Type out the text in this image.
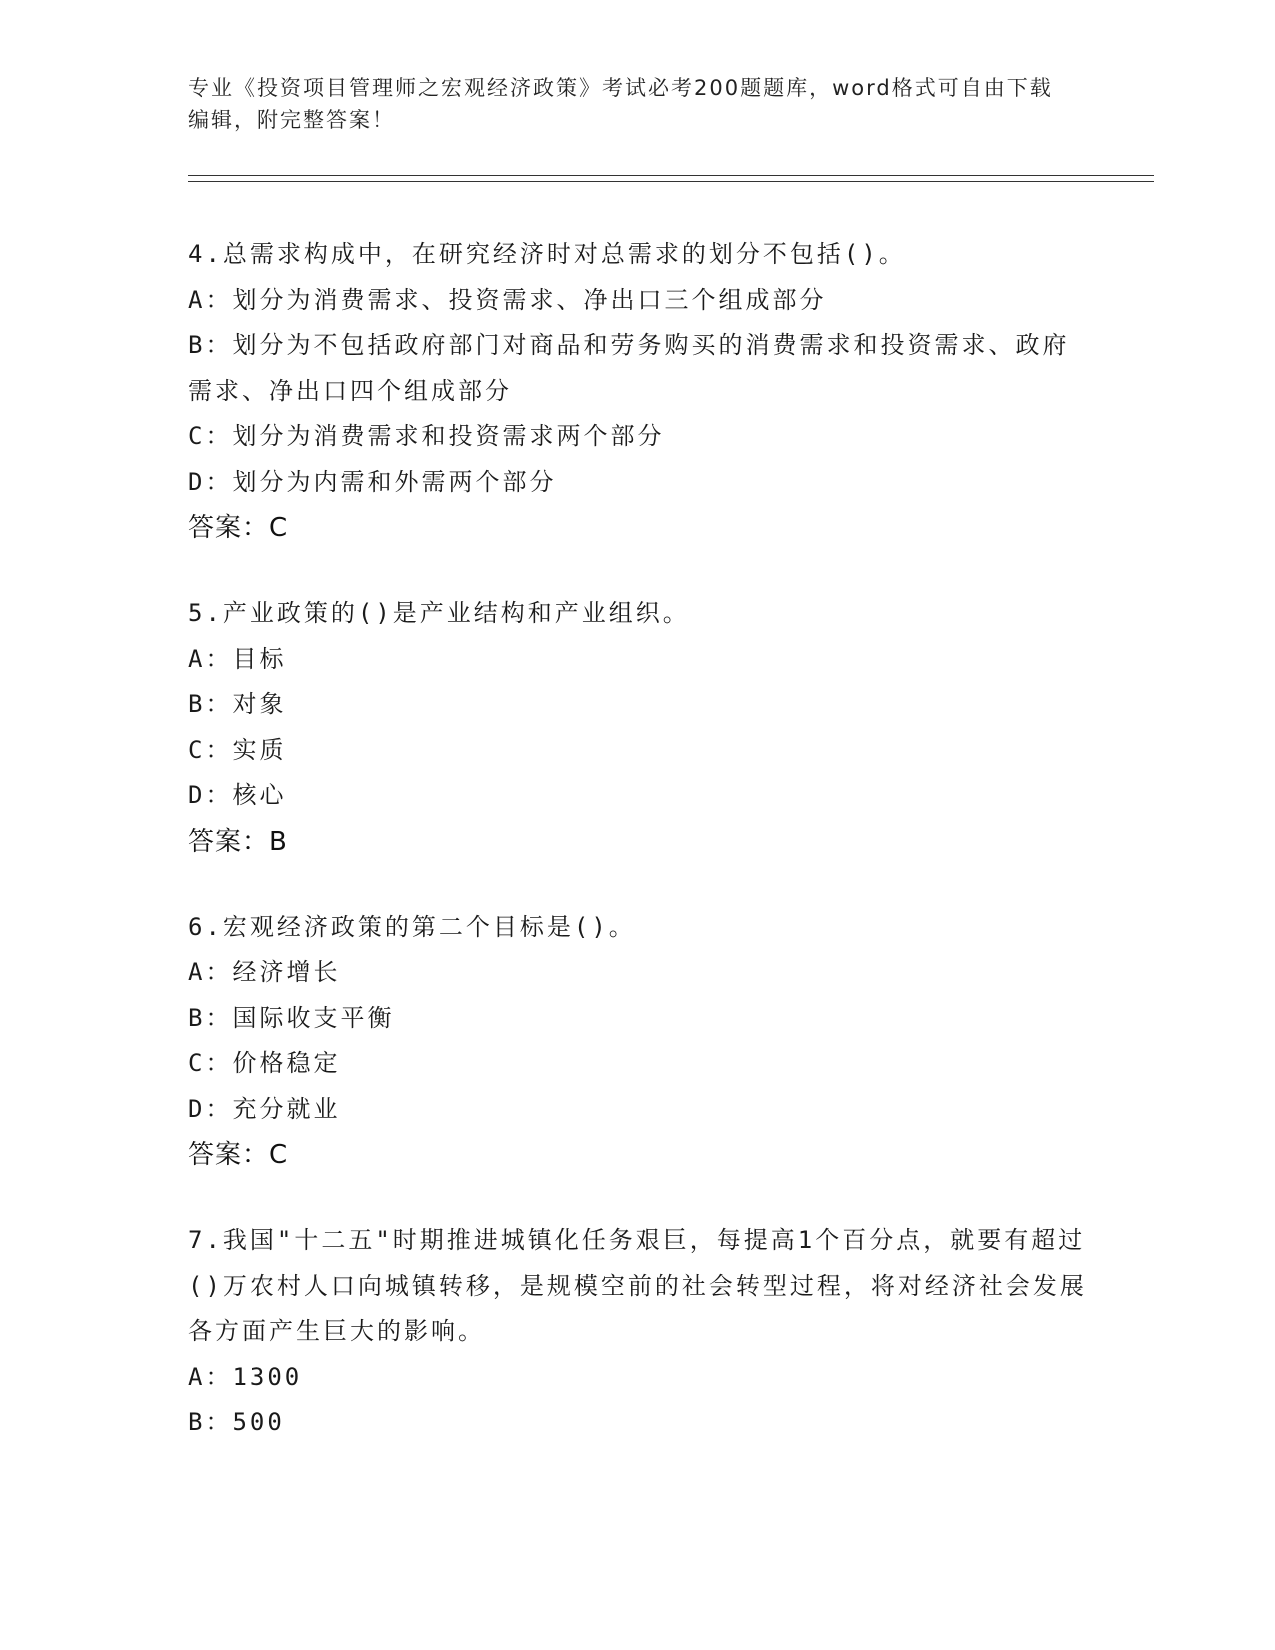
专业《投资项目管理师之宏观经济政策》考试必考200题题库，word格式可自由下载编辑，附完整答案！
4.总需求构成中，在研究经济时对总需求的划分不包括()。
A：划分为消费需求、投资需求、净出口三个组成部分
B：划分为不包括政府部门对商品和劳务购买的消费需求和投资需求、政府需求、净出口四个组成部分
C：划分为消费需求和投资需求两个部分
D：划分为内需和外需两个部分
答案：C
5.产业政策的()是产业结构和产业组织。
A：目标
B：对象
C：实质
D：核心
答案：B
6.宏观经济政策的第二个目标是()。
A：经济增长
B：国际收支平衡
C：价格稳定
D：充分就业
答案：C
7.我国"十二五"时期推进城镇化任务艰巨，每提高1个百分点，就要有超过()万农村人口向城镇转移，是规模空前的社会转型过程，将对经济社会发展各方面产生巨大的影响。
A：1300
B：500
